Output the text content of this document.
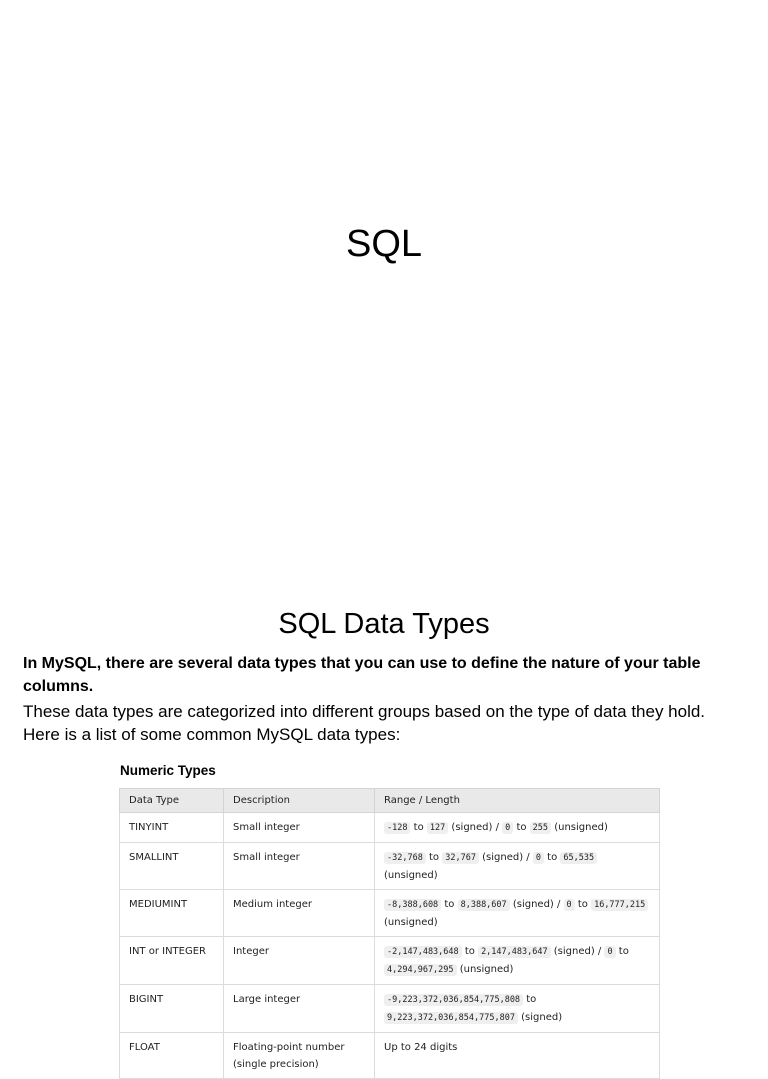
SQL
SQL Data Types
In MySQL, there are several data types that you can use to define the nature of your table columns.
These data types are categorized into different groups based on the type of data they hold. Here is a list of some common MySQL data types:
Numeric Types
Data Type	Description	Range / Length
TINYINT	Small integer	-128 to 127 (signed) / 0 to 255 (unsigned)
SMALLINT	Small integer	-32,768 to 32,767 (signed) / 0 to 65,535 (unsigned)
MEDIUMINT	Medium integer	-8,388,608 to 8,388,607 (signed) / 0 to 16,777,215 (unsigned)
INT or INTEGER	Integer	-2,147,483,648 to 2,147,483,647 (signed) / 0 to 4,294,967,295 (unsigned)
BIGINT	Large integer	-9,223,372,036,854,775,808 to 9,223,372,036,854,775,807 (signed)
FLOAT	Floating-point number (single precision)	Up to 24 digits
